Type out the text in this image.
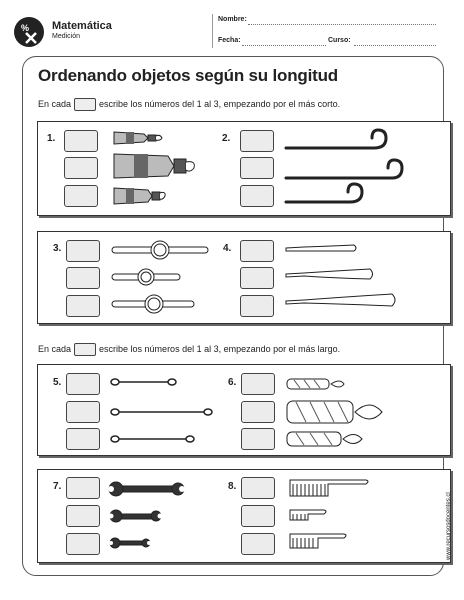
% Matemática
Medición
Nombre:
Fecha:	Curso:
Ordenando objetos según su longitud
En cada	escribe los números del 1 al 3, empezando por el más corto.
1.	2.
3.	4.
En cada	escribe los números del 1 al 3, empezando por el más largo.
5.	6.
7.	8.
www.recursosdocentes.cl
